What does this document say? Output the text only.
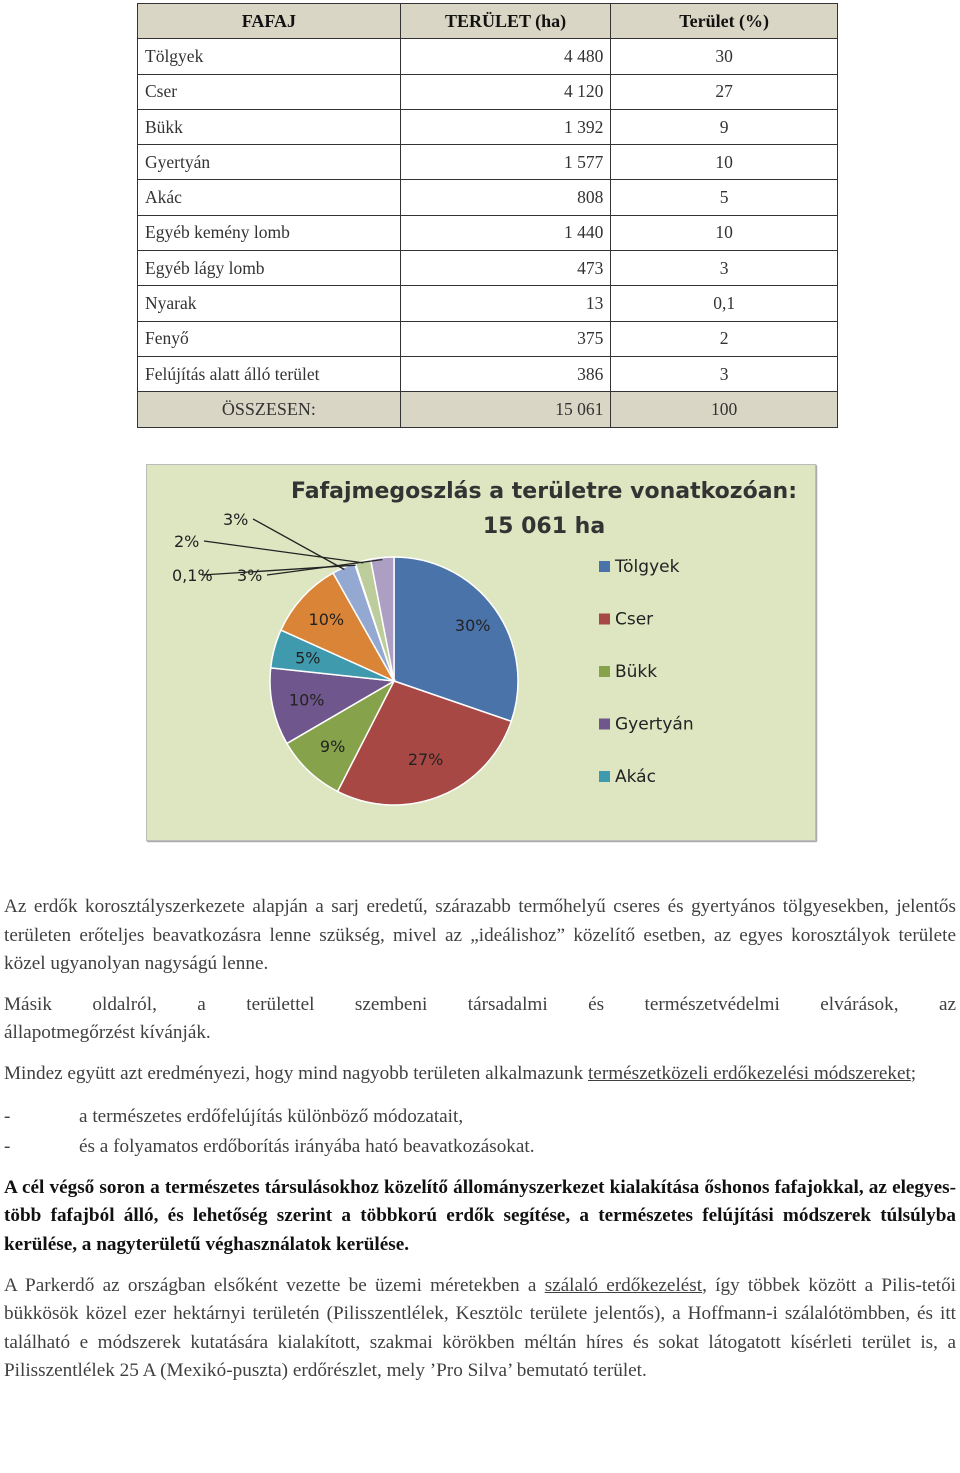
FAFAJ	TERÜLET (ha)	Terület (%)
Tölgyek	4 480	30
Cser	4 120	27
Bükk	1 392	9
Gyertyán	1 577	10
Akác	808	5
Egyéb kemény lomb	1 440	10
Egyéb lágy lomb	473	3
Nyarak	13	0,1
Fenyő	375	2
Felújítás alatt álló terület	386	3
ÖSSZESEN:	15 061	100
Fafajmegoszlás a területre vonatkozóan:
15 061 ha
30%
27%
9%
10%
5%
10%
3%
0,1%
2%
3%	Tölgyek
Cser
Bükk
Gyertyán
Akác

Az erdők korosztályszerkezete alapján a sarj eredetű, szárazabb termőhelyű cseres és gyertyános tölgyesekben, jelentős területen erőteljes beavatkozásra lenne szükség, mivel az „ideálishoz” közelítő esetben, az egyes korosztályok területe közel ugyanolyan nagyságú lenne.

Másik oldalról, a területtel szembeni társadalmi és természetvédelmi elvárások, az

állapotmegőrzést kívánják.

Mindez együtt azt eredményezi, hogy mind nagyobb területen alkalmazunk természetközeli erdőkezelési módszereket;

-	a természetes erdőfelújítás különböző módozatait,
-	és a folyamatos erdőborítás irányába ható beavatkozásokat.

A cél végső soron a természetes társulásokhoz közelítő állományszerkezet kialakítása őshonos fafajokkal, az elegyes-több fafajból álló, és lehetőség szerint a többkorú erdők segítése, a természetes felújítási módszerek túlsúlyba kerülése, a nagyterületű véghasználatok kerülése.

A Parkerdő az országban elsőként vezette be üzemi méretekben a szálaló erdőkezelést, így többek között a Pilis-tetői bükkösök közel ezer hektárnyi területén (Pilisszentlélek, Kesztölc területe jelentős), a Hoffmann-i szálalótömbben, és itt található e módszerek kutatására kialakított, szakmai körökben méltán híres és sokat látogatott kísérleti terület is, a Pilisszentlélek 25 A (Mexikó-puszta) erdőrészlet, mely ’Pro Silva’ bemutató terület.
